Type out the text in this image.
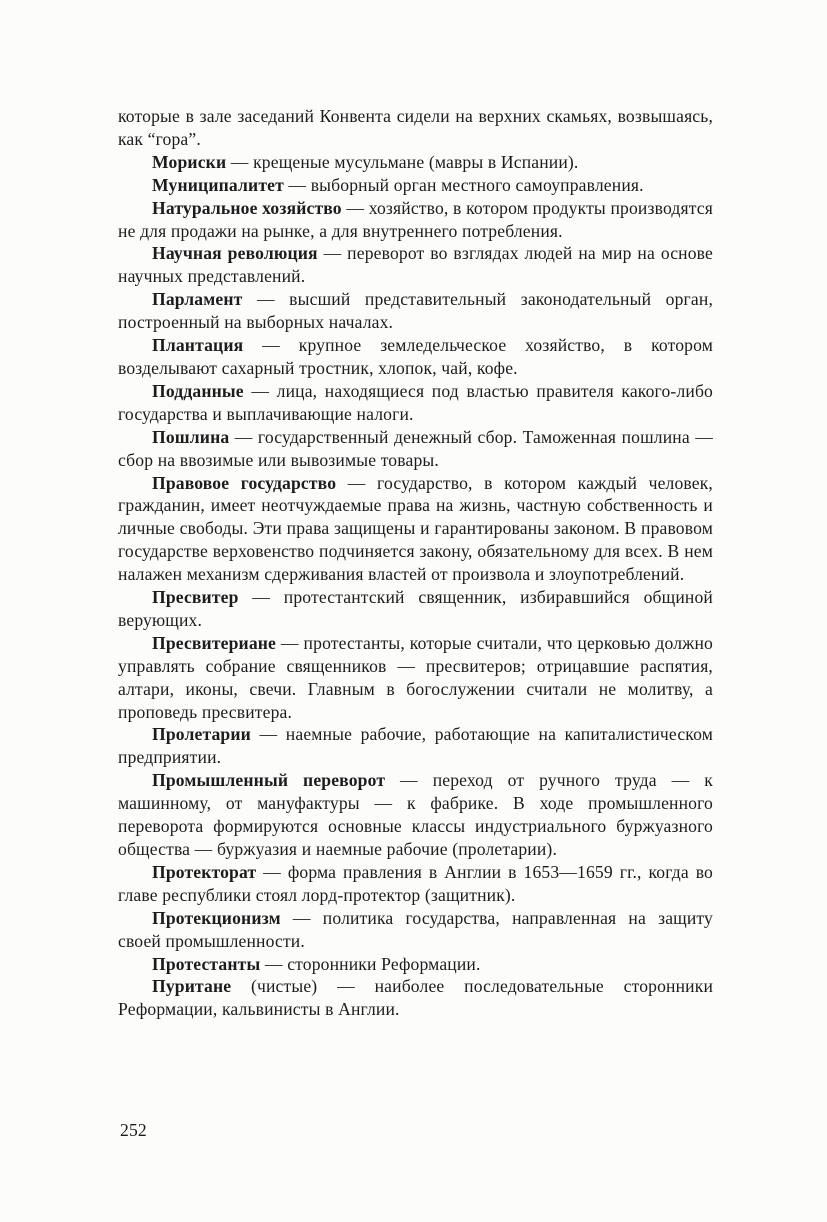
которые в зале заседаний Конвента сидели на верхних скамьях, возвышаясь, как “гора”.

Мориски — крещеные мусульмане (мавры в Испании).

Муниципалитет — выборный орган местного самоуправления.

Натуральное хозяйство — хозяйство, в котором продукты производятся не для продажи на рынке, а для внутреннего потребления.

Научная революция — переворот во взглядах людей на мир на основе научных представлений.

Парламент — высший представительный законодательный орган, построенный на выборных началах.

Плантация — крупное земледельческое хозяйство, в котором возделывают сахарный тростник, хлопок, чай, кофе.

Подданные — лица, находящиеся под властью правителя какого-либо государства и выплачивающие налоги.

Пошлина — государственный денежный сбор. Таможенная пошлина — сбор на ввозимые или вывозимые товары.

Правовое государство — государство, в котором каждый человек, гражданин, имеет неотчуждаемые права на жизнь, частную собственность и личные свободы. Эти права защищены и гарантированы законом. В правовом государстве верховенство подчиняется закону, обязательному для всех. В нем налажен механизм сдерживания властей от произвола и злоупотреблений.

Пресвитер — протестантский священник, избиравшийся общиной верующих.

Пресвитериане — протестанты, которые считали, что церковью должно управлять собрание священников — пресвитеров; отрицавшие распятия, алтари, иконы, свечи. Главным в богослужении считали не молитву, а проповедь пресвитера.

Пролетарии — наемные рабочие, работающие на капиталистическом предприятии.

Промышленный переворот — переход от ручного труда — к машинному, от мануфактуры — к фабрике. В ходе промышленного переворота формируются основные классы индустриального буржуазного общества — буржуазия и наемные рабочие (пролетарии).

Протекторат — форма правления в Англии в 1653—1659 гг., когда во главе республики стоял лорд-протектор (защитник).

Протекционизм — политика государства, направленная на защиту своей промышленности.

Протестанты — сторонники Реформации.

Пуритане (чистые) — наиболее последовательные сторонники Реформации, кальвинисты в Англии.

252
